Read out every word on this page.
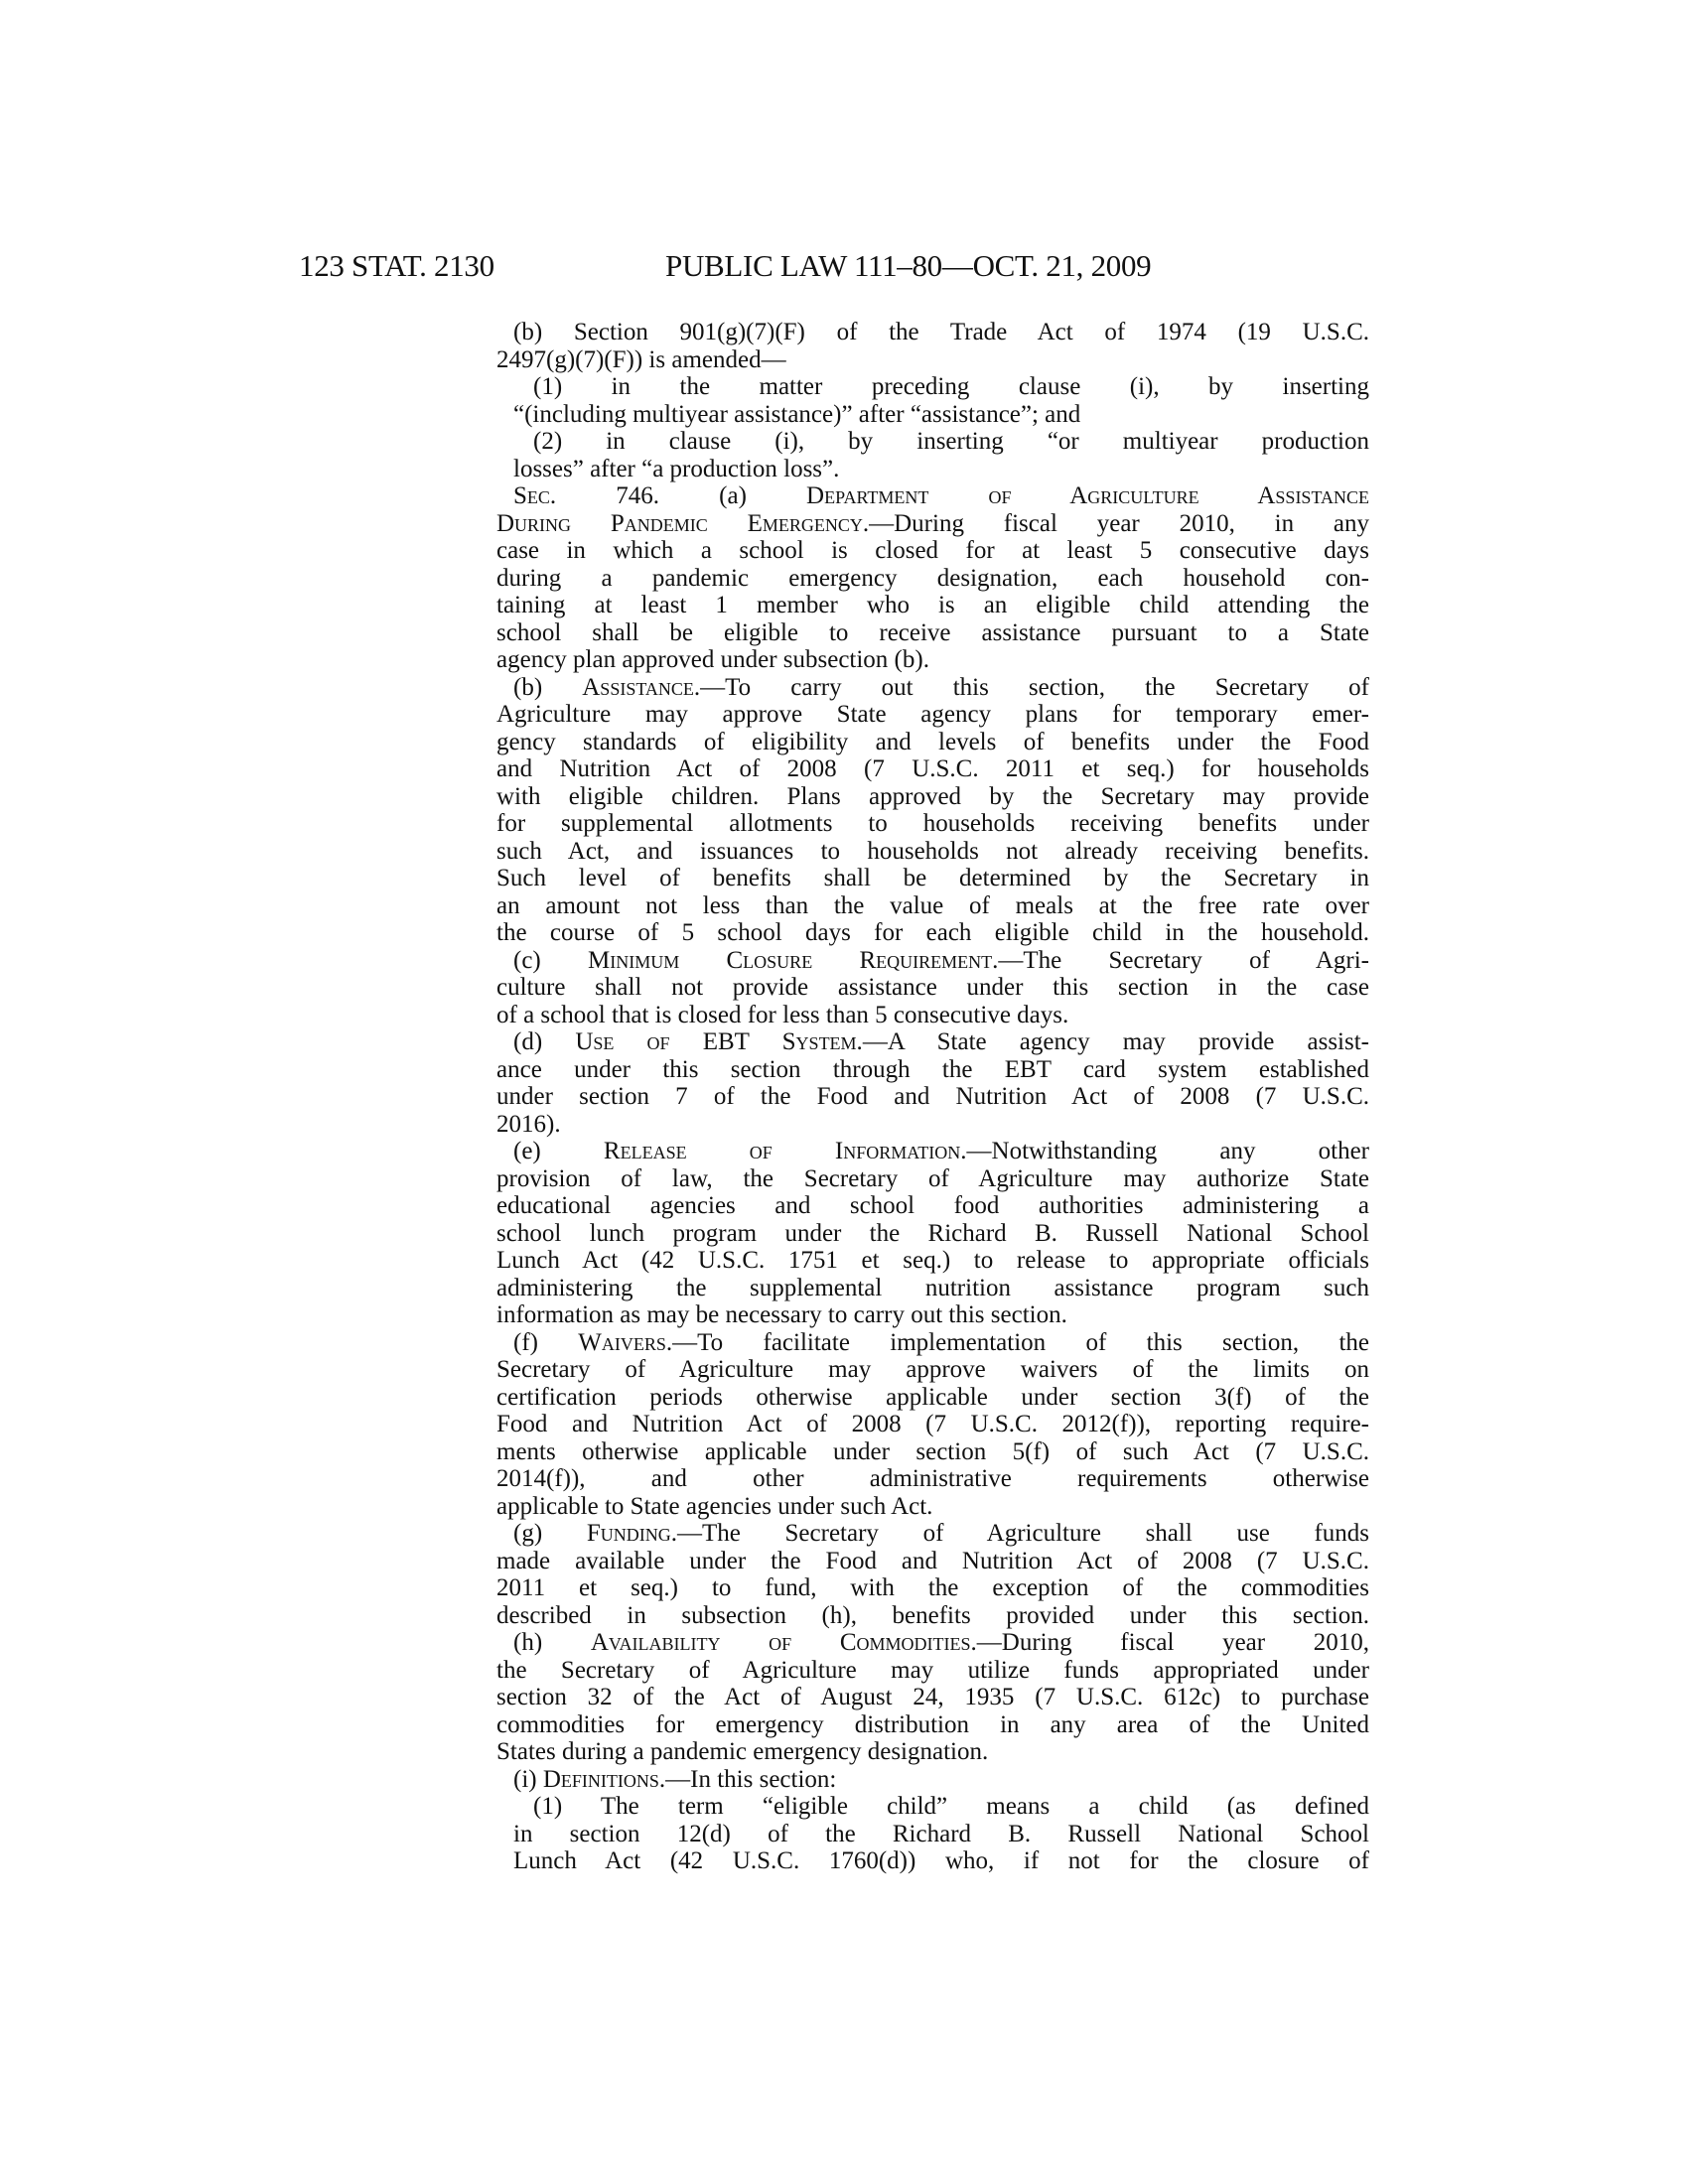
123 STAT. 2130	PUBLIC LAW 111–80—OCT. 21, 2009
(b) Section 901(g)(7)(F) of the Trade Act of 1974 (19 U.S.C.
2497(g)(7)(F)) is amended—
(1) in the matter preceding clause (i), by inserting
“(including multiyear assistance)” after “assistance”; and
(2) in clause (i), by inserting “or multiyear production
losses” after “a production loss”.
Sec. 746. (a) Department of Agriculture Assistance
During Pandemic Emergency.—During fiscal year 2010, in any
case in which a school is closed for at least 5 consecutive days
during a pandemic emergency designation, each household con-
taining at least 1 member who is an eligible child attending the
school shall be eligible to receive assistance pursuant to a State
agency plan approved under subsection (b).
(b) Assistance.—To carry out this section, the Secretary of
Agriculture may approve State agency plans for temporary emer-
gency standards of eligibility and levels of benefits under the Food
and Nutrition Act of 2008 (7 U.S.C. 2011 et seq.) for households
with eligible children. Plans approved by the Secretary may provide
for supplemental allotments to households receiving benefits under
such Act, and issuances to households not already receiving benefits.
Such level of benefits shall be determined by the Secretary in
an amount not less than the value of meals at the free rate over
the course of 5 school days for each eligible child in the household.
(c) Minimum Closure Requirement.—The Secretary of Agri-
culture shall not provide assistance under this section in the case
of a school that is closed for less than 5 consecutive days.
(d) Use of EBT System.—A State agency may provide assist-
ance under this section through the EBT card system established
under section 7 of the Food and Nutrition Act of 2008 (7 U.S.C.
2016).
(e) Release of Information.—Notwithstanding any other
provision of law, the Secretary of Agriculture may authorize State
educational agencies and school food authorities administering a
school lunch program under the Richard B. Russell National School
Lunch Act (42 U.S.C. 1751 et seq.) to release to appropriate officials
administering the supplemental nutrition assistance program such
information as may be necessary to carry out this section.
(f) Waivers.—To facilitate implementation of this section, the
Secretary of Agriculture may approve waivers of the limits on
certification periods otherwise applicable under section 3(f) of the
Food and Nutrition Act of 2008 (7 U.S.C. 2012(f)), reporting require-
ments otherwise applicable under section 5(f) of such Act (7 U.S.C.
2014(f)), and other administrative requirements otherwise
applicable to State agencies under such Act.
(g) Funding.—The Secretary of Agriculture shall use funds
made available under the Food and Nutrition Act of 2008 (7 U.S.C.
2011 et seq.) to fund, with the exception of the commodities
described in subsection (h), benefits provided under this section.
(h) Availability of Commodities.—During fiscal year 2010,
the Secretary of Agriculture may utilize funds appropriated under
section 32 of the Act of August 24, 1935 (7 U.S.C. 612c) to purchase
commodities for emergency distribution in any area of the United
States during a pandemic emergency designation.
(i) Definitions.—In this section:
(1) The term “eligible child” means a child (as defined
in section 12(d) of the Richard B. Russell National School
Lunch Act (42 U.S.C. 1760(d)) who, if not for the closure of
